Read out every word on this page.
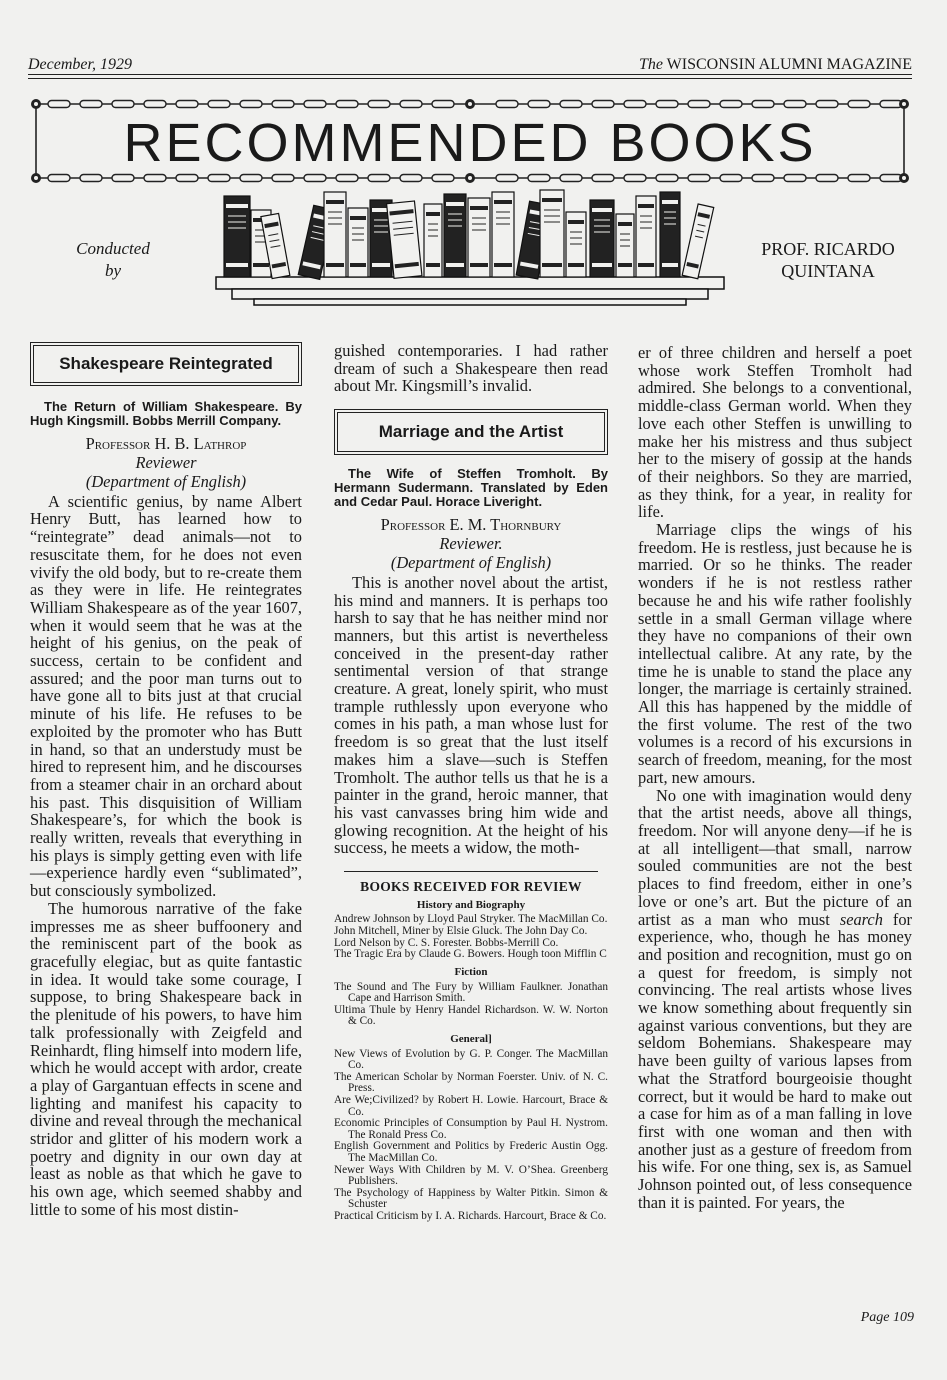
December, 1929	The WISCONSIN ALUMNI MAGAZINE
RECOMMENDED BOOKS
Conducted
by
PROF. RICARDO
QUINTANA
Shakespeare Reintegrated
The Return of William Shakespeare. By Hugh Kingsmill. Bobbs Merrill Company.
Professor H. B. Lathrop
Reviewer
(Department of English)

A scientific genius, by name Albert Henry Butt, has learned how to “reintegrate” dead animals—not to resuscitate them, for he does not even vivify the old body, but to re-create them as they were in life. He reintegrates William Shakespeare as of the year 1607, when it would seem that he was at the height of his genius, on the peak of success, certain to be confident and assured; and the poor man turns out to have gone all to bits just at that crucial minute of his life. He refuses to be exploited by the promoter who has Butt in hand, so that an understudy must be hired to represent him, and he discourses from a steamer chair in an orchard about his past. This disquisition of William Shakespeare’s, for which the book is really written, reveals that everything in his plays is simply getting even with life—experience hardly even “sublimated”, but consciously symbolized.

The humorous narrative of the fake impresses me as sheer buffoonery and the reminiscent part of the book as gracefully elegiac, but as quite fantastic in idea. It would take some courage, I suppose, to bring Shakespeare back in the plenitude of his powers, to have him talk professionally with Zeigfeld and Reinhardt, fling himself into modern life, which he would accept with ardor, create a play of Gargantuan effects in scene and lighting and manifest his capacity to divine and reveal through the mechanical stridor and glitter of his modern work a poetry and dignity in our own day at least as noble as that which he gave to his own age, which seemed shabby and little to some of his most distin-

guished contemporaries. I had rather dream of such a Shakespeare then read about Mr. Kingsmill’s invalid.

Marriage and the Artist
The Wife of Steffen Tromholt. By Hermann Sudermann. Translated by Eden and Cedar Paul. Horace Liveright.
Professor E. M. Thornbury
Reviewer.
(Department of English)

This is another novel about the artist, his mind and manners. It is perhaps too harsh to say that he has neither mind nor manners, but this artist is nevertheless conceived in the present-day rather sentimental version of that strange creature. A great, lonely spirit, who must trample ruthlessly upon everyone who comes in his path, a man whose lust for freedom is so great that the lust itself makes him a slave—such is Steffen Tromholt. The author tells us that he is a painter in the grand, heroic manner, that his vast canvasses bring him wide and glowing recognition. At the height of his success, he meets a widow, the moth-

BOOKS RECEIVED FOR REVIEW
History and Biography
Andrew Johnson by Lloyd Paul Stryker. The MacMillan Co.
John Mitchell, Miner by Elsie Gluck. The John Day Co.
Lord Nelson by C. S. Forester. Bobbs-Merrill Co.
The Tragic Era by Claude G. Bowers. Hough toon Mifflin C
Fiction
The Sound and The Fury by William Faulkner. Jonathan Cape and Harrison Smith.
Ultima Thule by Henry Handel Richardson. W. W. Norton & Co.
General]
New Views of Evolution by G. P. Conger. The MacMillan Co.
The American Scholar by Norman Foerster. Univ. of N. C. Press.
Are We;Civilized? by Robert H. Lowie. Harcourt, Brace & Co.
Economic Principles of Consumption by Paul H. Nystrom. The Ronald Press Co.
English Government and Politics by Frederic Austin Ogg. The MacMillan Co.
Newer Ways With Children by M. V. O’Shea. Greenberg Publishers.
The Psychology of Happiness by Walter Pitkin. Simon & Schuster
Practical Criticism by I. A. Richards. Harcourt, Brace & Co.

er of three children and herself a poet whose work Steffen Tromholt had admired. She belongs to a conventional, middle-class German world. When they love each other Steffen is unwilling to make her his mistress and thus subject her to the misery of gossip at the hands of their neighbors. So they are married, as they think, for a year, in reality for life.

Marriage clips the wings of his freedom. He is restless, just because he is married. Or so he thinks. The reader wonders if he is not restless rather because he and his wife rather foolishly settle in a small German village where they have no companions of their own intellectual calibre. At any rate, by the time he is unable to stand the place any longer, the marriage is certainly strained. All this has happened by the middle of the first volume. The rest of the two volumes is a record of his excursions in search of freedom, meaning, for the most part, new amours.

No one with imagination would deny that the artist needs, above all things, freedom. Nor will anyone deny—if he is at all intelligent—that small, narrow souled communities are not the best places to find freedom, either in one’s love or one’s art. But the picture of an artist as a man who must search for experience, who, though he has money and position and recognition, must go on a quest for freedom, is simply not convincing. The real artists whose lives we know something about frequently sin against various conventions, but they are seldom Bohemians. Shakespeare may have been guilty of various lapses from what the Stratford bourgeoisie thought correct, but it would be hard to make out a case for him as of a man falling in love first with one woman and then with another just as a gesture of freedom from his wife. For one thing, sex is, as Samuel Johnson pointed out, of less consequence than it is painted. For years, the

Page 109
